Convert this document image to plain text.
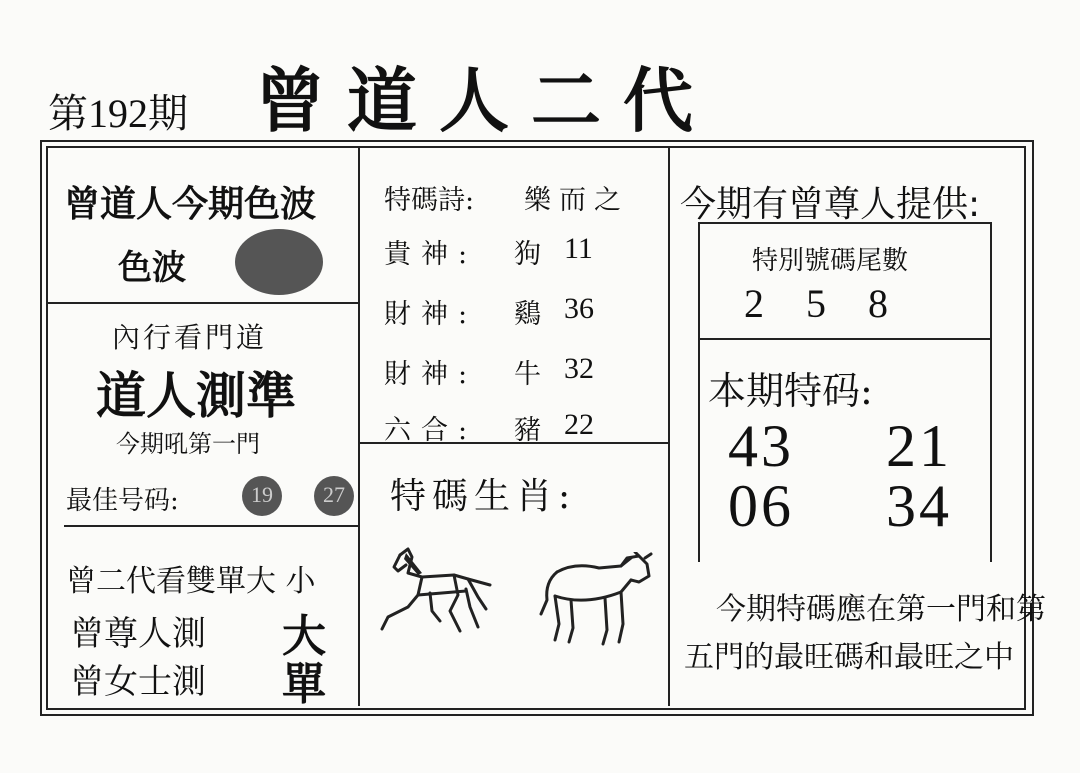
第192期 曾道人二代
曾道人今期色波
色波
內行看門道
道人測準
今期吼第一門
最佳号码:	19	27
曾二代看雙單大 小
曾尊人測 大
曾女士測 單
特碼詩:	樂而之
貴神:	狗 11
財神:	鷄 36
財神:	牛 32
六合:	豬 22
特碼生肖:
今期有曾尊人提供:
特別號碼尾數
2 5 8
本期特码:
43 21
06 34
今期特碼應在第一門和第
五門的最旺碼和最旺之中
